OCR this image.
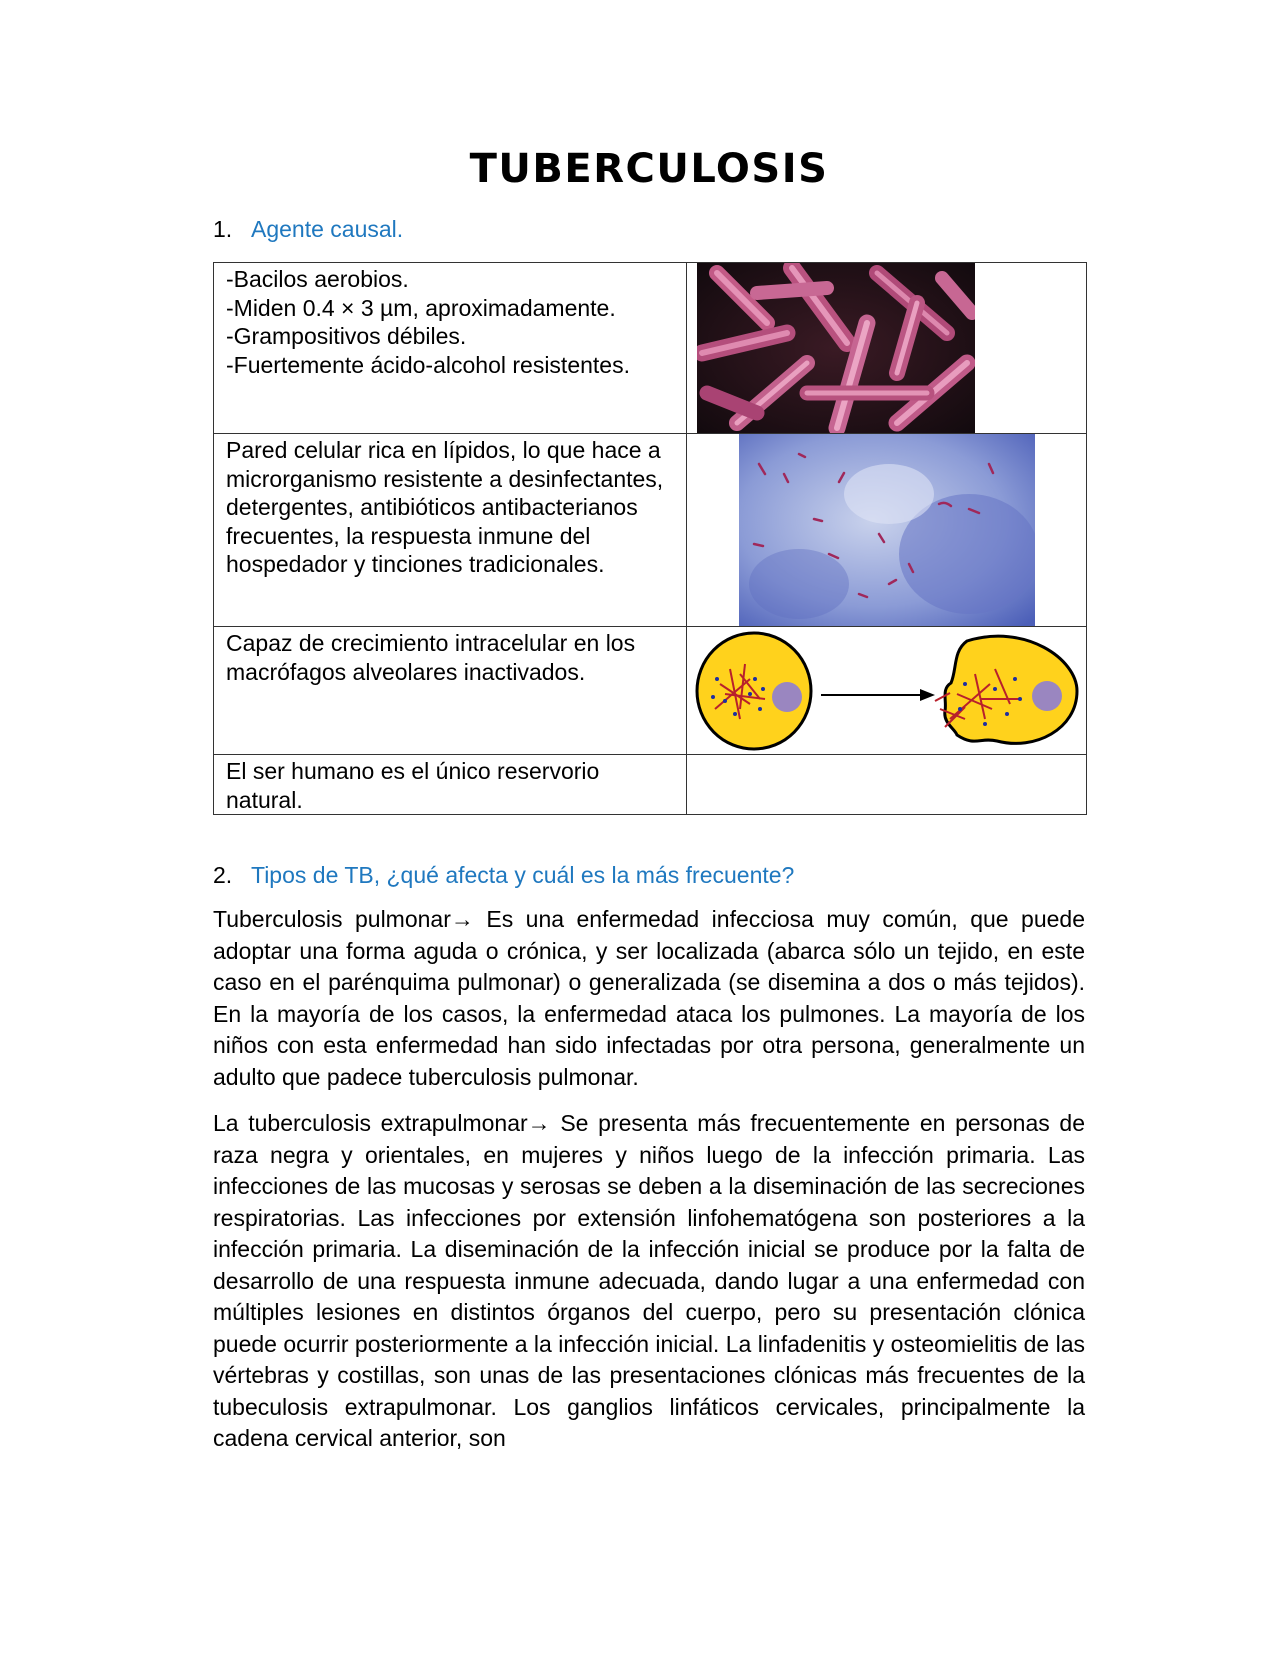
TUBERCULOSIS
1. Agente causal.
-Bacilos aerobios.
-Miden 0.4 × 3 µm, aproximadamente.
-Grampositivos débiles.
-Fuertemente ácido-alcohol resistentes.

Pared celular rica en lípidos, lo que hace a microrganismo resistente a desinfectantes, detergentes, antibióticos antibacterianos frecuentes, la respuesta inmune del hospedador y tinciones tradicionales.	

Capaz de crecimiento intracelular en los macrófagos alveolares inactivados.	

El ser humano es el único reservorio natural.	
2. Tipos de TB, ¿qué afecta y cuál es la más frecuente?

Tuberculosis pulmonar→ Es una enfermedad infecciosa muy común, que puede adoptar una forma aguda o crónica, y ser localizada (abarca sólo un tejido, en este caso en el parénquima pulmonar) o generalizada (se disemina a dos o más tejidos). En la mayoría de los casos, la enfermedad ataca los pulmones. La mayoría de los niños con esta enfermedad han sido infectadas por otra persona, generalmente un adulto que padece tuberculosis pulmonar.

La tuberculosis extrapulmonar→ Se presenta más frecuentemente en personas de raza negra y orientales, en mujeres y niños luego de la infección primaria. Las infecciones de las mucosas y serosas se deben a la diseminación de las secreciones respiratorias. Las infecciones por extensión linfohematógena son posteriores a la infección primaria. La diseminación de la infección inicial se produce por la falta de desarrollo de una respuesta inmune adecuada, dando lugar a una enfermedad con múltiples lesiones en distintos órganos del cuerpo, pero su presentación clónica puede ocurrir posteriormente a la infección inicial. La linfadenitis y osteomielitis de las vértebras y costillas, son unas de las presentaciones clónicas más frecuentes de la tubeculosis extrapulmonar. Los ganglios linfáticos cervicales, principalmente la cadena cervical anterior, son
